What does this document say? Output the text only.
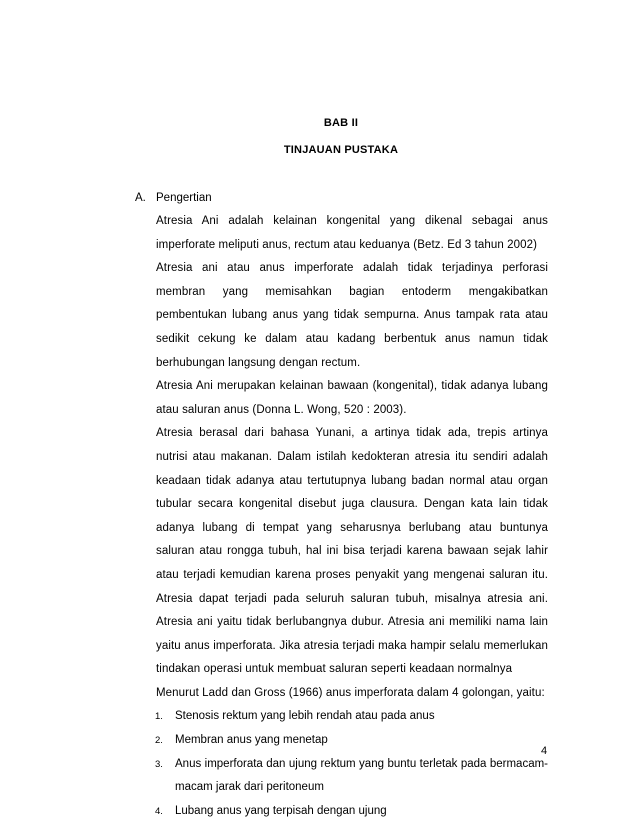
BAB II
TINJAUAN PUSTAKA
A. Pengertian

Atresia Ani adalah kelainan kongenital yang dikenal sebagai anus imperforate meliputi anus, rectum atau keduanya (Betz. Ed 3 tahun 2002)

Atresia ani atau anus imperforate adalah tidak terjadinya perforasi membran yang memisahkan bagian entoderm mengakibatkan pembentukan lubang anus yang tidak sempurna. Anus tampak rata atau sedikit cekung ke dalam atau kadang berbentuk anus namun tidak berhubungan langsung dengan rectum.

Atresia Ani merupakan kelainan bawaan (kongenital), tidak adanya lubang atau saluran anus (Donna L. Wong, 520 : 2003).

Atresia berasal dari bahasa Yunani, a artinya tidak ada, trepis artinya nutrisi atau makanan. Dalam istilah kedokteran atresia itu sendiri adalah keadaan tidak adanya atau tertutupnya lubang badan normal atau organ tubular secara kongenital disebut juga clausura. Dengan kata lain tidak adanya lubang di tempat yang seharusnya berlubang atau buntunya saluran atau rongga tubuh, hal ini bisa terjadi karena bawaan sejak lahir atau terjadi kemudian karena proses penyakit yang mengenai saluran itu. Atresia dapat terjadi pada seluruh saluran tubuh, misalnya atresia ani. Atresia ani yaitu tidak berlubangnya dubur. Atresia ani memiliki nama lain yaitu anus imperforata. Jika atresia terjadi maka hampir selalu memerlukan tindakan operasi untuk membuat saluran seperti keadaan normalnya

Menurut Ladd dan Gross (1966) anus imperforata dalam 4 golongan, yaitu:

1. Stenosis rektum yang lebih rendah atau pada anus
2. Membran anus yang menetap
3. Anus imperforata dan ujung rektum yang buntu terletak pada bermacam-macam jarak dari peritoneum
4. Lubang anus yang terpisah dengan ujung
4
